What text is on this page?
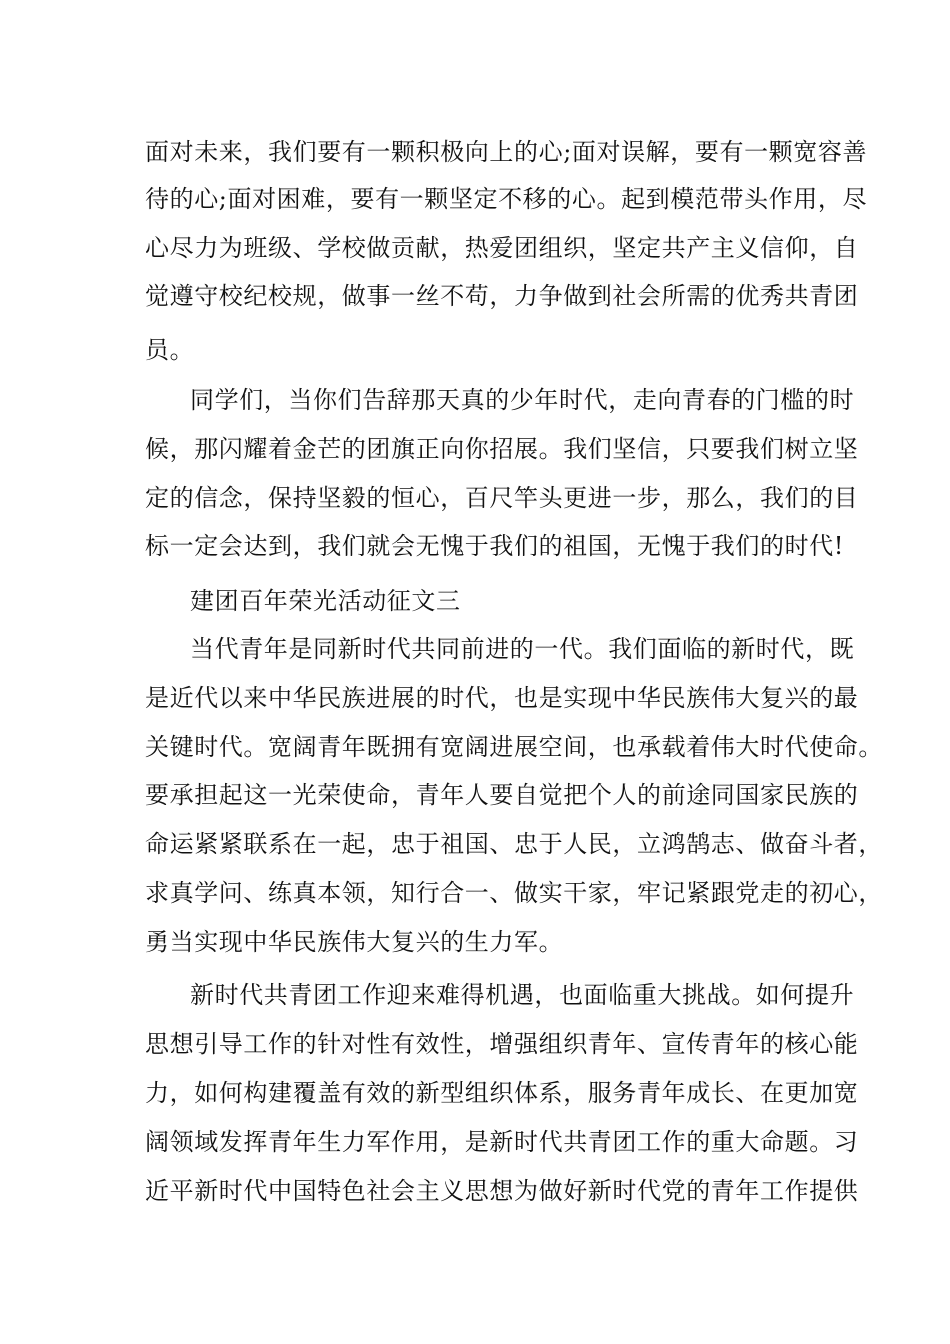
面对未来，我们要有一颗积极向上的心;面对误解，要有一颗宽容善
待的心;面对困难，要有一颗坚定不移的心。起到模范带头作用，尽
心尽力为班级、学校做贡献，热爱团组织，坚定共产主义信仰，自
觉遵守校纪校规，做事一丝不苟，力争做到社会所需的优秀共青团
员。
同学们，当你们告辞那天真的少年时代，走向青春的门槛的时
候，那闪耀着金芒的团旗正向你招展。我们坚信，只要我们树立坚
定的信念，保持坚毅的恒心，百尺竿头更进一步，那么，我们的目
标一定会达到，我们就会无愧于我们的祖国，无愧于我们的时代!
建团百年荣光活动征文三
当代青年是同新时代共同前进的一代。我们面临的新时代，既
是近代以来中华民族进展的时代，也是实现中华民族伟大复兴的最
关键时代。宽阔青年既拥有宽阔进展空间，也承载着伟大时代使命。
要承担起这一光荣使命，青年人要自觉把个人的前途同国家民族的
命运紧紧联系在一起，忠于祖国、忠于人民，立鸿鹄志、做奋斗者，
求真学问、练真本领，知行合一、做实干家，牢记紧跟党走的初心，
勇当实现中华民族伟大复兴的生力军。
新时代共青团工作迎来难得机遇，也面临重大挑战。如何提升
思想引导工作的针对性有效性，增强组织青年、宣传青年的核心能
力，如何构建覆盖有效的新型组织体系，服务青年成长、在更加宽
阔领域发挥青年生力军作用，是新时代共青团工作的重大命题。习
近平新时代中国特色社会主义思想为做好新时代党的青年工作提供
